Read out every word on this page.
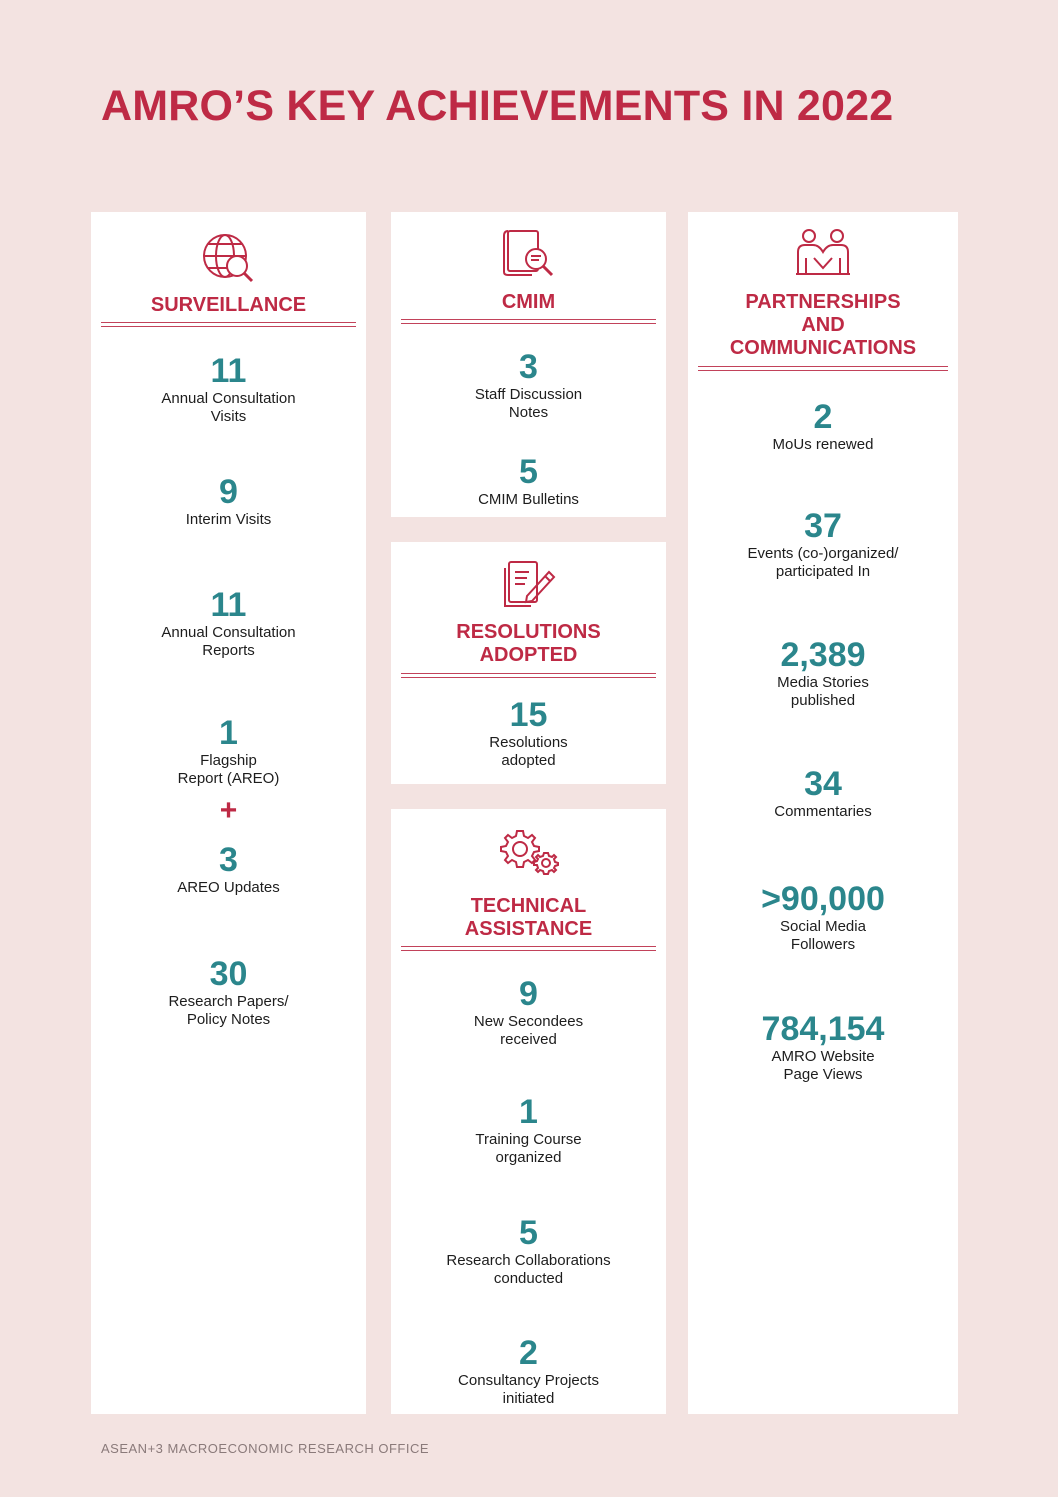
AMRO’S KEY ACHIEVEMENTS IN 2022
SURVEILLANCE
11
Annual Consultation
Visits
9
Interim Visits
11
Annual Consultation
Reports
1
Flagship
Report (AREO)
+
3
AREO Updates
30
Research Papers/
Policy Notes
CMIM
3
Staff Discussion
Notes
5
CMIM Bulletins
RESOLUTIONS
ADOPTED
15
Resolutions
adopted
TECHNICAL
ASSISTANCE
9
New Secondees
received
1
Training Course
organized
5
Research Collaborations
conducted
2
Consultancy Projects
initiated
PARTNERSHIPS
AND
COMMUNICATIONS
2
MoUs renewed
37
Events (co-)organized/
participated In
2,389
Media Stories
published
34
Commentaries
>90,000
Social Media
Followers
784,154
AMRO Website
Page Views
ASEAN+3 MACROECONOMIC RESEARCH OFFICE
